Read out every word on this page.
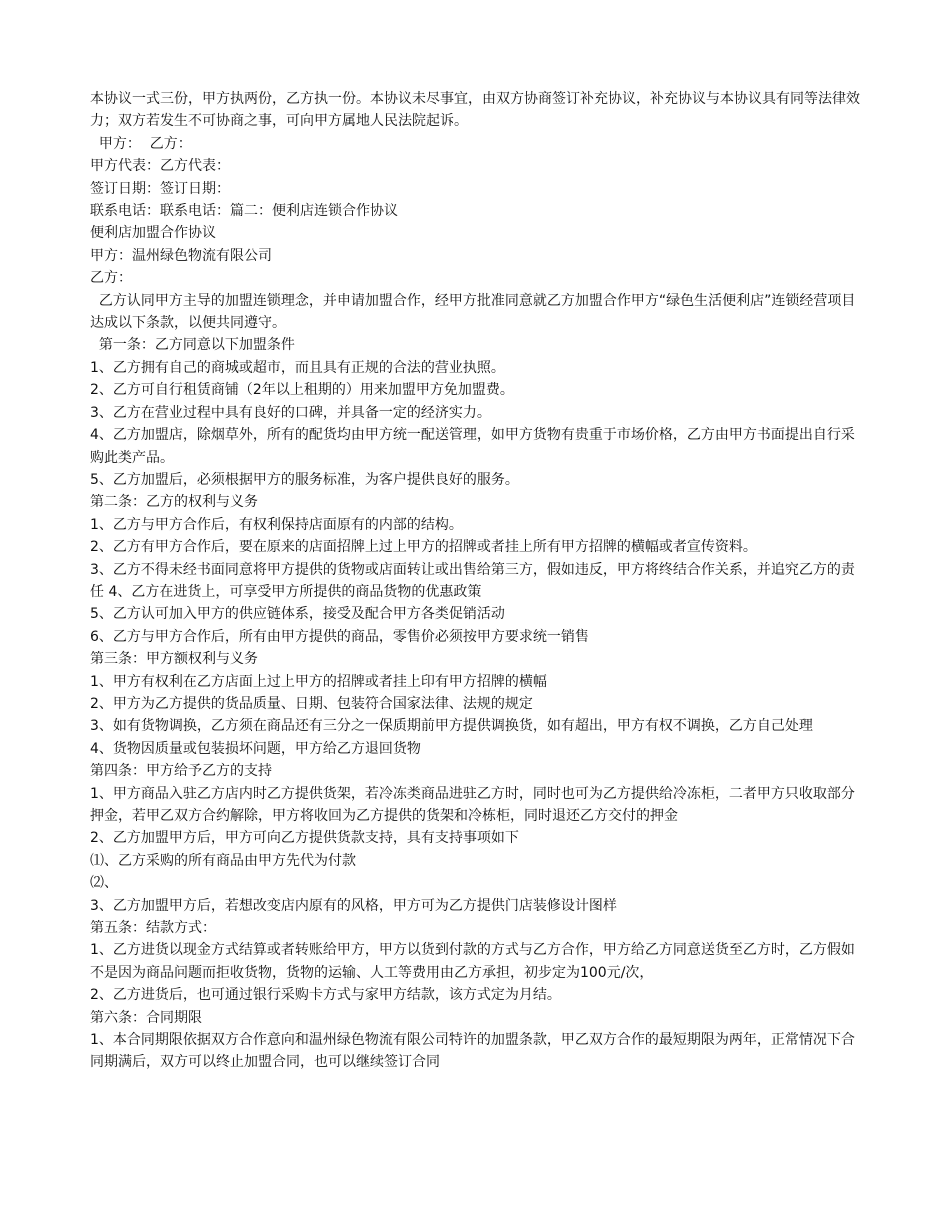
本协议一式三份，甲方执两份，乙方执一份。本协议未尽事宜，由双方协商签订补充协议，补充协议与本协议具有同等法律效力；双方若发生不可协商之事，可向甲方属地人民法院起诉。

甲方：  乙方：

甲方代表：乙方代表：

签订日期：签订日期：

联系电话：联系电话：篇二：便利店连锁合作协议

便利店加盟合作协议

甲方：温州绿色物流有限公司

乙方：

乙方认同甲方主导的加盟连锁理念，并申请加盟合作，经甲方批准同意就乙方加盟合作甲方“绿色生活便利店”连锁经营项目达成以下条款，以便共同遵守。

第一条：乙方同意以下加盟条件

1、乙方拥有自己的商城或超市，而且具有正规的合法的营业执照。

2、乙方可自行租赁商铺（2年以上租期的）用来加盟甲方免加盟费。

3、乙方在营业过程中具有良好的口碑，并具备一定的经济实力。

4、乙方加盟店，除烟草外，所有的配货均由甲方统一配送管理，如甲方货物有贵重于市场价格，乙方由甲方书面提出自行采购此类产品。

5、乙方加盟后，必须根据甲方的服务标准，为客户提供良好的服务。

第二条：乙方的权利与义务

1、乙方与甲方合作后，有权利保持店面原有的内部的结构。

2、乙方有甲方合作后，要在原来的店面招牌上过上甲方的招牌或者挂上所有甲方招牌的横幅或者宣传资料。

3、乙方不得未经书面同意将甲方提供的货物或店面转让或出售给第三方，假如违反，甲方将终结合作关系，并追究乙方的责任 4、乙方在进货上，可享受甲方所提供的商品货物的优惠政策

5、乙方认可加入甲方的供应链体系，接受及配合甲方各类促销活动

6、乙方与甲方合作后，所有由甲方提供的商品，零售价必须按甲方要求统一销售

第三条：甲方额权利与义务

1、甲方有权利在乙方店面上过上甲方的招牌或者挂上印有甲方招牌的横幅

2、甲方为乙方提供的货品质量、日期、包装符合国家法律、法规的规定

3、如有货物调换，乙方须在商品还有三分之一保质期前甲方提供调换货，如有超出，甲方有权不调换，乙方自己处理

4、货物因质量或包装损坏问题，甲方给乙方退回货物

第四条：甲方给予乙方的支持

1、甲方商品入驻乙方店内时乙方提供货架，若冷冻类商品进驻乙方时，同时也可为乙方提供给冷冻柜，二者甲方只收取部分押金，若甲乙双方合约解除，甲方将收回为乙方提供的货架和冷栋柜，同时退还乙方交付的押金

2、乙方加盟甲方后，甲方可向乙方提供货款支持，具有支持事项如下

⑴、乙方采购的所有商品由甲方先代为付款

⑵、

3、乙方加盟甲方后，若想改变店内原有的风格，甲方可为乙方提供门店装修设计图样

第五条：结款方式：

1、乙方进货以现金方式结算或者转账给甲方，甲方以货到付款的方式与乙方合作，甲方给乙方同意送货至乙方时，乙方假如不是因为商品问题而拒收货物，货物的运输、人工等费用由乙方承担，初步定为100元/次，

2、乙方进货后，也可通过银行采购卡方式与家甲方结款，该方式定为月结。

第六条：合同期限

1、本合同期限依据双方合作意向和温州绿色物流有限公司特许的加盟条款，甲乙双方合作的最短期限为两年，正常情况下合同期满后，双方可以终止加盟合同，也可以继续签订合同
